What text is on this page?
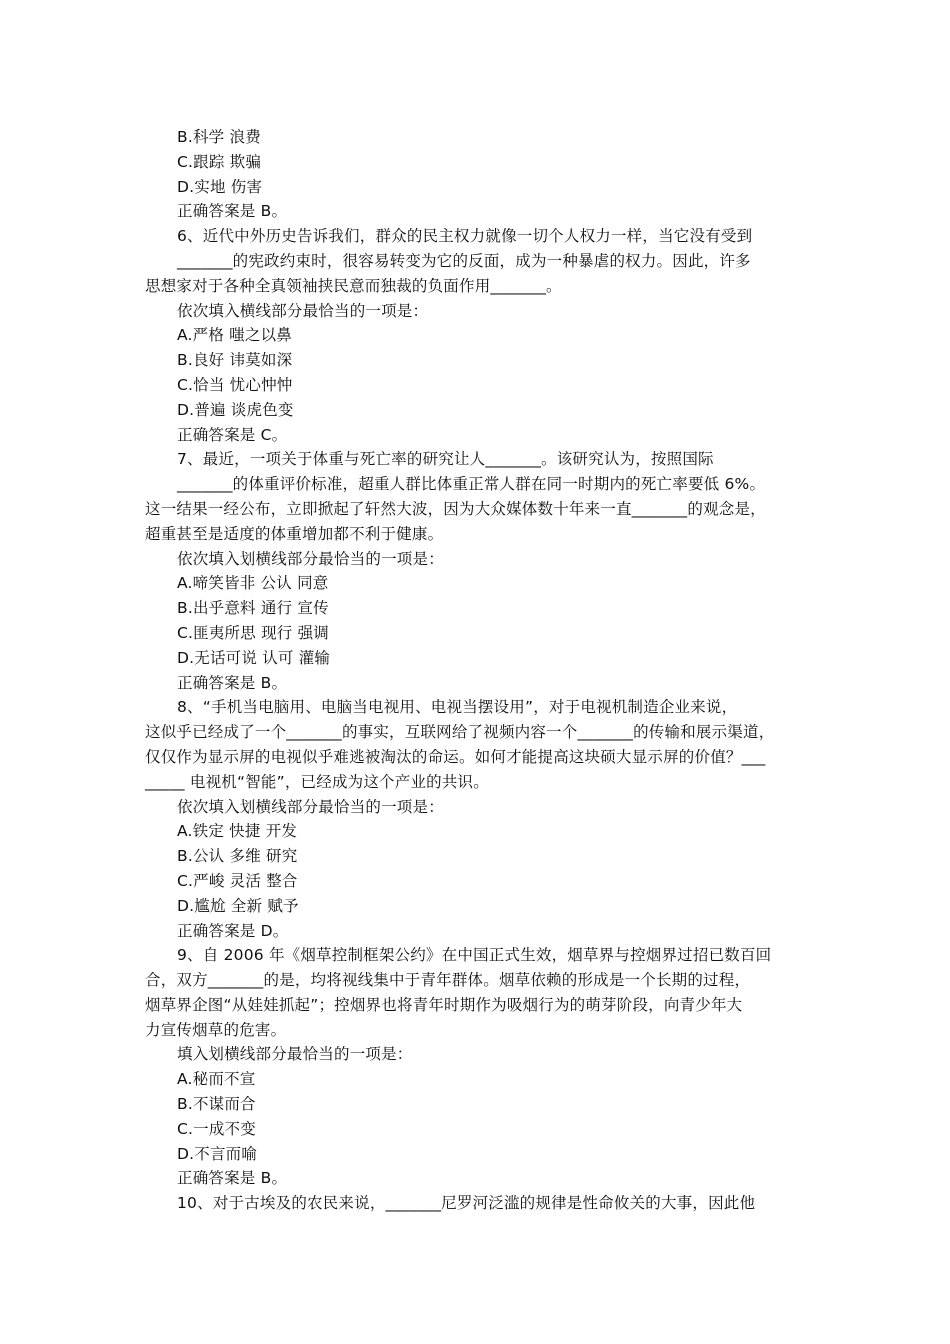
B.科学 浪费
C.跟踪 欺骗
D.实地 伤害
正确答案是 B。
6、近代中外历史告诉我们，群众的民主权力就像一切个人权力一样，当它没有受到
_______的宪政约束时，很容易转变为它的反面，成为一种暴虐的权力。因此，许多
思想家对于各种全真领袖挟民意而独裁的负面作用_______。
依次填入横线部分最恰当的一项是：
A.严格 嗤之以鼻
B.良好 讳莫如深
C.恰当 忧心忡忡
D.普遍 谈虎色变
正确答案是 C。
7、最近，一项关于体重与死亡率的研究让人_______。该研究认为，按照国际
_______的体重评价标准，超重人群比体重正常人群在同一时期内的死亡率要低 6%。
这一结果一经公布，立即掀起了轩然大波，因为大众媒体数十年来一直_______的观念是，
超重甚至是适度的体重增加都不利于健康。
依次填入划横线部分最恰当的一项是：
A.啼笑皆非 公认 同意
B.出乎意料 通行 宣传
C.匪夷所思 现行 强调
D.无话可说 认可 灌输
正确答案是 B。
8、“手机当电脑用、电脑当电视用、电视当摆设用”，对于电视机制造企业来说，
这似乎已经成了一个_______的事实，互联网给了视频内容一个_______的传输和展示渠道，
仅仅作为显示屏的电视似乎难逃被淘汰的命运。如何才能提高这块硕大显示屏的价值？___
_____ 电视机“智能”，已经成为这个产业的共识。
依次填入划横线部分最恰当的一项是：
A.铁定 快捷 开发
B.公认 多维 研究
C.严峻 灵活 整合
D.尴尬 全新 赋予
正确答案是 D。
9、自 2006 年《烟草控制框架公约》在中国正式生效，烟草界与控烟界过招已数百回
合，双方_______的是，均将视线集中于青年群体。烟草依赖的形成是一个长期的过程，
烟草界企图“从娃娃抓起”；控烟界也将青年时期作为吸烟行为的萌芽阶段，向青少年大
力宣传烟草的危害。
填入划横线部分最恰当的一项是：
A.秘而不宣
B.不谋而合
C.一成不变
D.不言而喻
正确答案是 B。
10、对于古埃及的农民来说，_______尼罗河泛滥的规律是性命攸关的大事，因此他
